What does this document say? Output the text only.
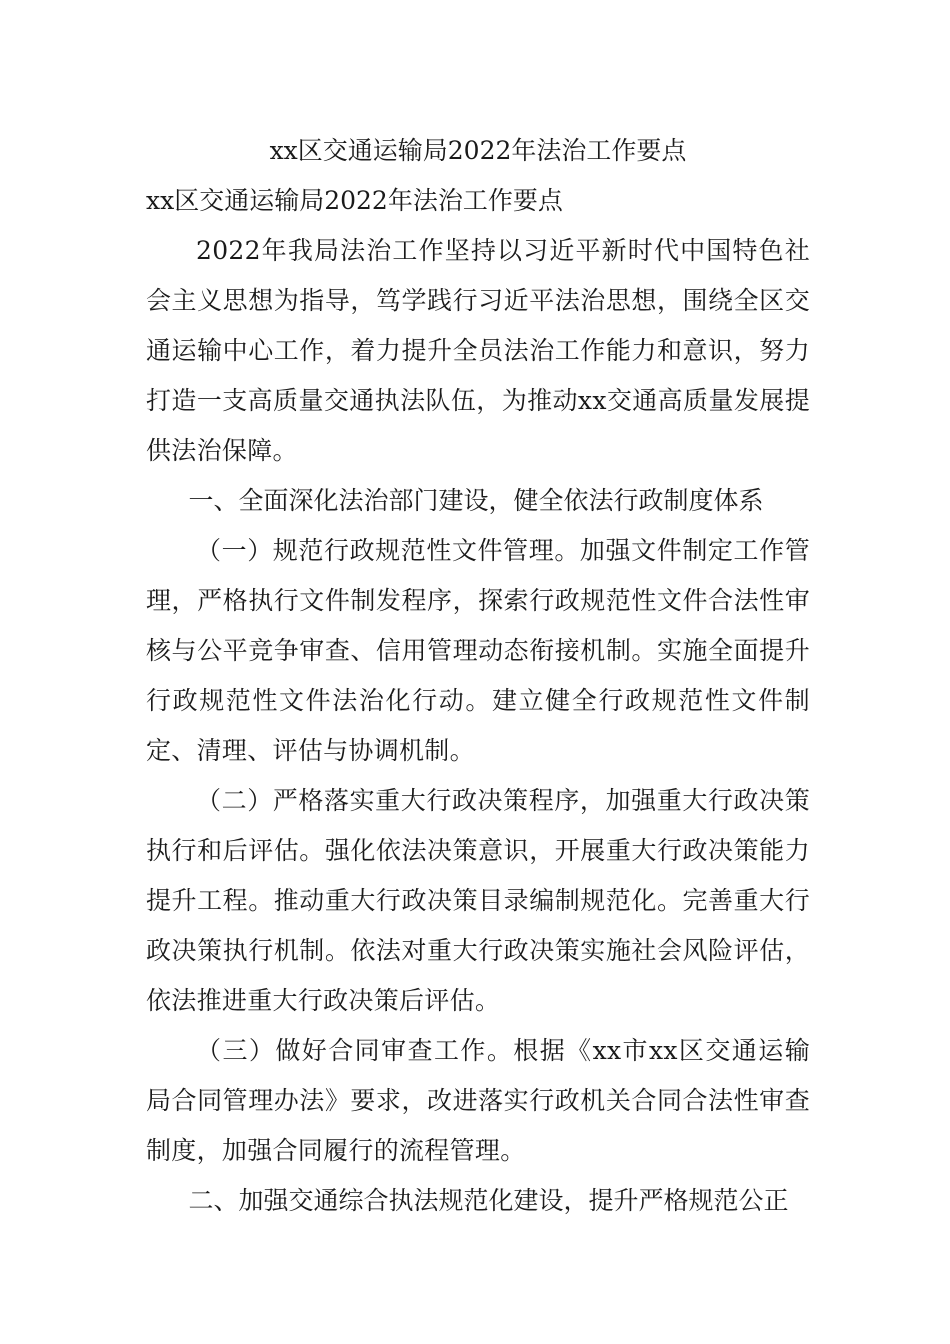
xx区交通运输局2022年法治工作要点
xx区交通运输局2022年法治工作要点

2022年我局法治工作坚持以习近平新时代中国特色社会主义思想为指导，笃学践行习近平法治思想，围绕全区交通运输中心工作，着力提升全员法治工作能力和意识，努力打造一支高质量交通执法队伍，为推动xx交通高质量发展提供法治保障。

一、全面深化法治部门建设，健全依法行政制度体系

（一）规范行政规范性文件管理。加强文件制定工作管理，严格执行文件制发程序，探索行政规范性文件合法性审核与公平竞争审查、信用管理动态衔接机制。实施全面提升行政规范性文件法治化行动。建立健全行政规范性文件制定、清理、评估与协调机制。

（二）严格落实重大行政决策程序，加强重大行政决策执行和后评估。强化依法决策意识，开展重大行政决策能力提升工程。推动重大行政决策目录编制规范化。完善重大行政决策执行机制。依法对重大行政决策实施社会风险评估，依法推进重大行政决策后评估。

（三）做好合同审查工作。根据《xx市xx区交通运输局合同管理办法》要求，改进落实行政机关合同合法性审查制度，加强合同履行的流程管理。

二、加强交通综合执法规范化建设，提升严格规范公正
